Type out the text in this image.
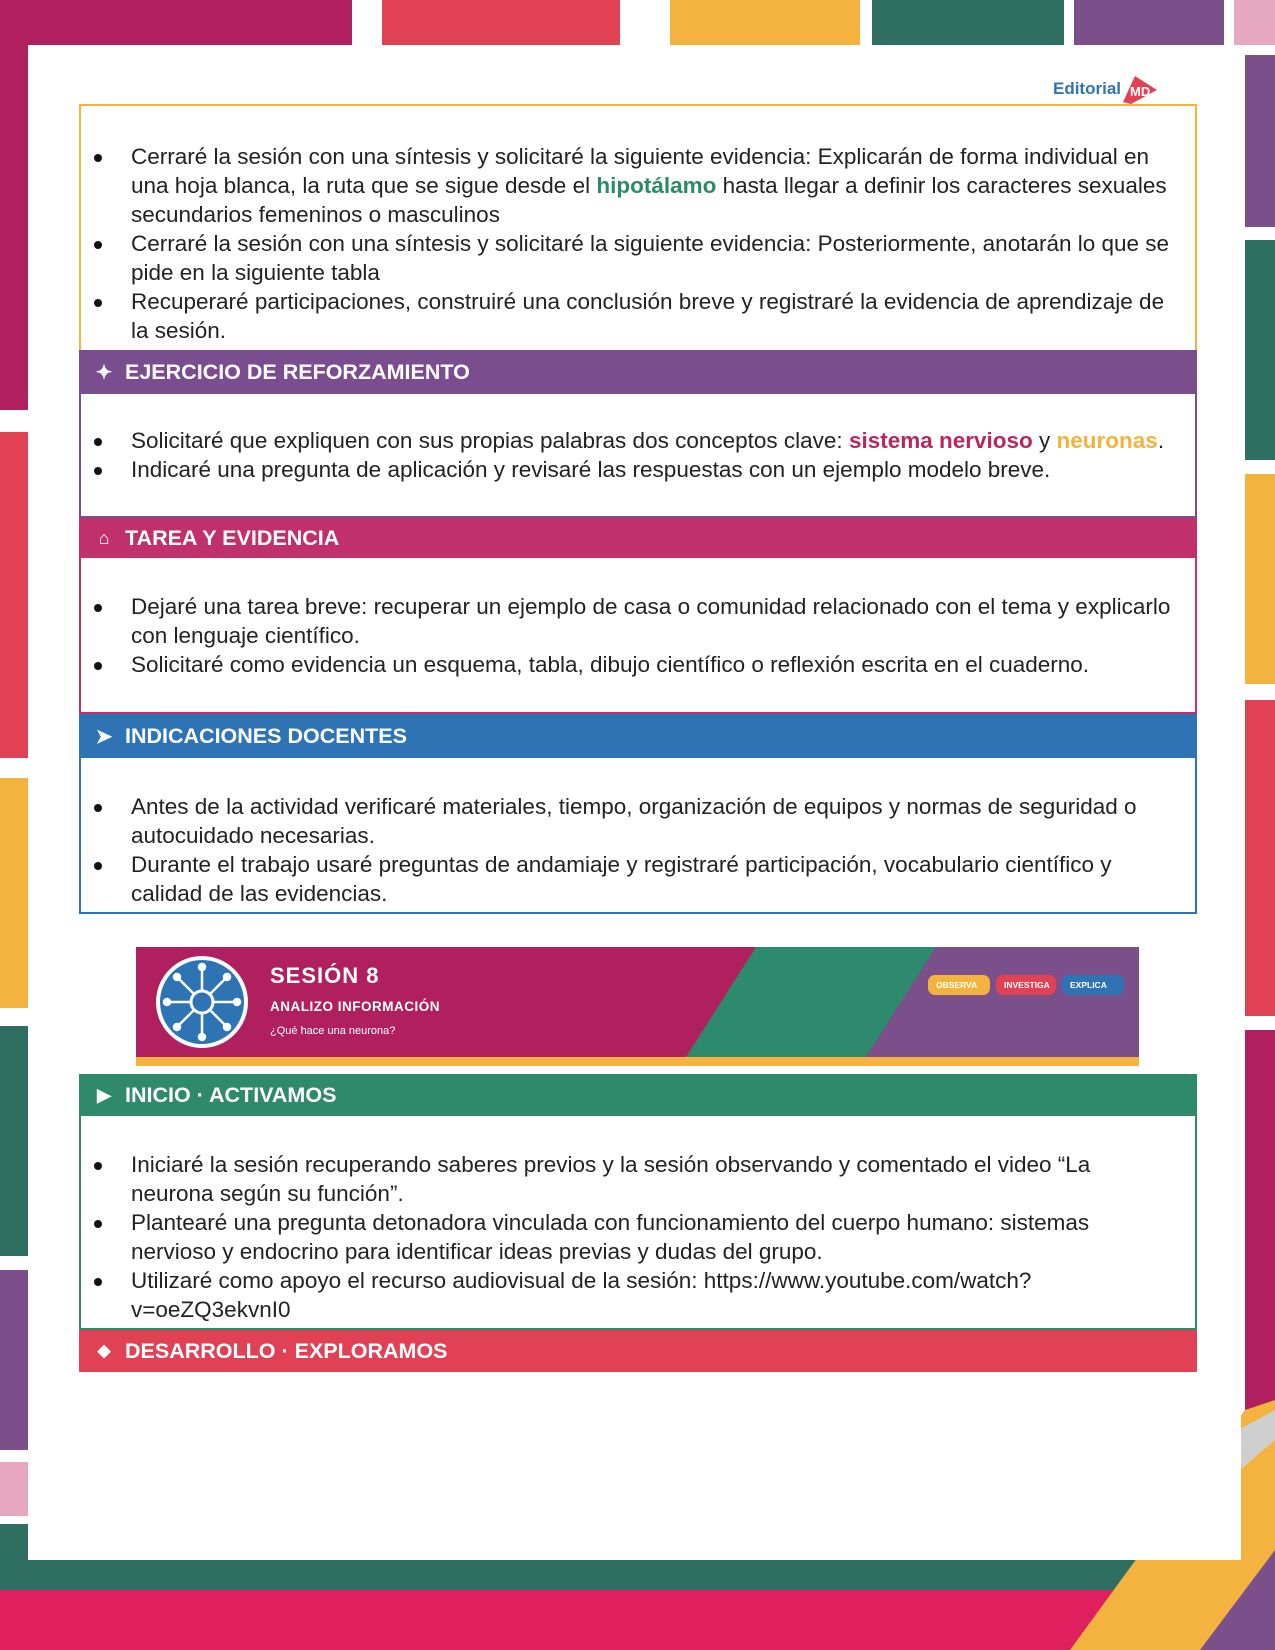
Editorial MD
Cerraré la sesión con una síntesis y solicitaré la siguiente evidencia: Explicarán de forma individual en una hoja blanca, la ruta que se sigue desde el hipotálamo hasta llegar a definir los caracteres sexuales secundarios femeninos o masculinos
Cerraré la sesión con una síntesis y solicitaré la siguiente evidencia: Posteriormente, anotarán lo que se pide en la siguiente tabla
Recuperaré participaciones, construiré una conclusión breve y registraré la evidencia de aprendizaje de la sesión.
✦ EJERCICIO DE REFORZAMIENTO
Solicitaré que expliquen con sus propias palabras dos conceptos clave: sistema nervioso y neuronas.
Indicaré una pregunta de aplicación y revisaré las respuestas con un ejemplo modelo breve.
⌂ TAREA Y EVIDENCIA
Dejaré una tarea breve: recuperar un ejemplo de casa o comunidad relacionado con el tema y explicarlo con lenguaje científico.
Solicitaré como evidencia un esquema, tabla, dibujo científico o reflexión escrita en el cuaderno.
➤ INDICACIONES DOCENTES
Antes de la actividad verificaré materiales, tiempo, organización de equipos y normas de seguridad o autocuidado necesarias.
Durante el trabajo usaré preguntas de andamiaje y registraré participación, vocabulario científico y calidad de las evidencias.
SESIÓN 8
ANALIZO INFORMACIÓN
¿Qué hace una neurona?
OBSERVA	INVESTIGA	EXPLICA
▶ INICIO · ACTIVAMOS
Iniciaré la sesión recuperando saberes previos y la sesión observando y comentado el video “La neurona según su función”.
Plantearé una pregunta detonadora vinculada con funcionamiento del cuerpo humano: sistemas nervioso y endocrino para identificar ideas previas y dudas del grupo.
Utilizaré como apoyo el recurso audiovisual de la sesión: https://www.youtube.com/watch?v=oeZQ3ekvnI0
◆ DESARROLLO · EXPLORAMOS
